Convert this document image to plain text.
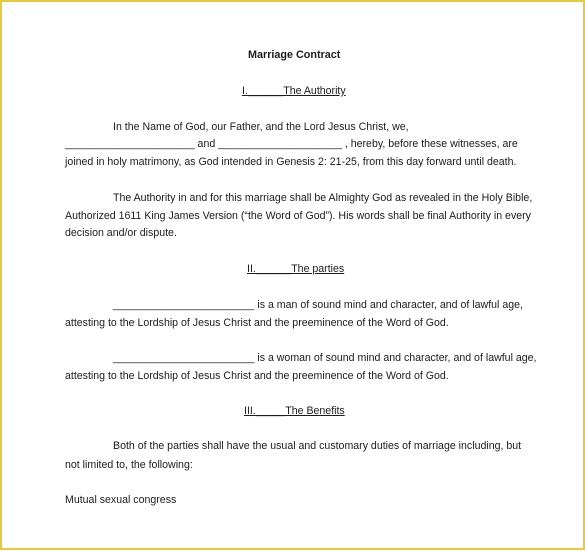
Marriage Contract
I.______The Authority
In the Name of God, our Father, and the Lord Jesus Christ, we,
______________________ and _____________________ , hereby, before these witnesses, are
joined in holy matrimony, as God intended in Genesis 2: 21-25, from this day forward until death.
The Authority in and for this marriage shall be Almighty God as revealed in the Holy Bible,
Authorized 1611 King James Version (“the Word of God”). His words shall be final Authority in every
decision and/or dispute.
II.______The parties
________________________ is a man of sound mind and character, and of lawful age,
attesting to the Lordship of Jesus Christ and the preeminence of the Word of God.
________________________ is a woman of sound mind and character, and of lawful age,
attesting to the Lordship of Jesus Christ and the preeminence of the Word of God.
III._____The Benefits
Both of the parties shall have the usual and customary duties of marriage including, but
not limited to, the following:
Mutual sexual congress
